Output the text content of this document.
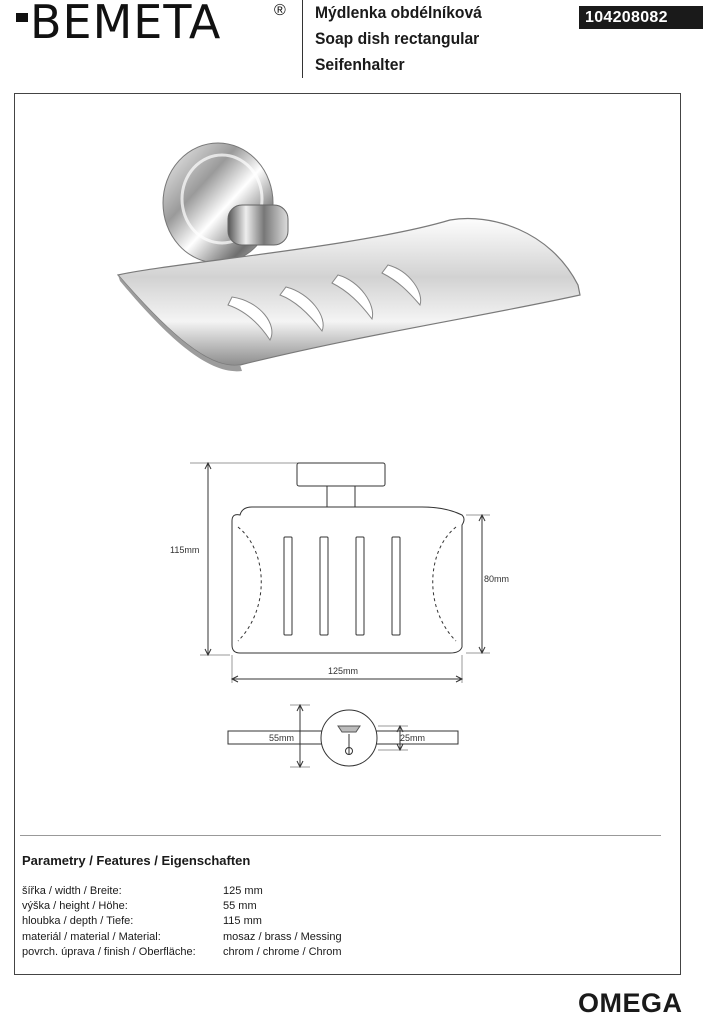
BEMETA	® Mýdlenka obdélníková
Soap dish rectangular
Seifenhalter
104208082
115mm
80mm
125mm
55mm	25mm
Parametry / Features / Eigenschaften
šířka / width / Breite:	125 mm
výška / height / Höhe:	55 mm
hloubka / depth / Tiefe:	115 mm
materiál / material / Material:	mosaz / brass / Messing
povrch. úprava / finish / Oberfläche:	chrom / chrome / Chrom
OMEGA
